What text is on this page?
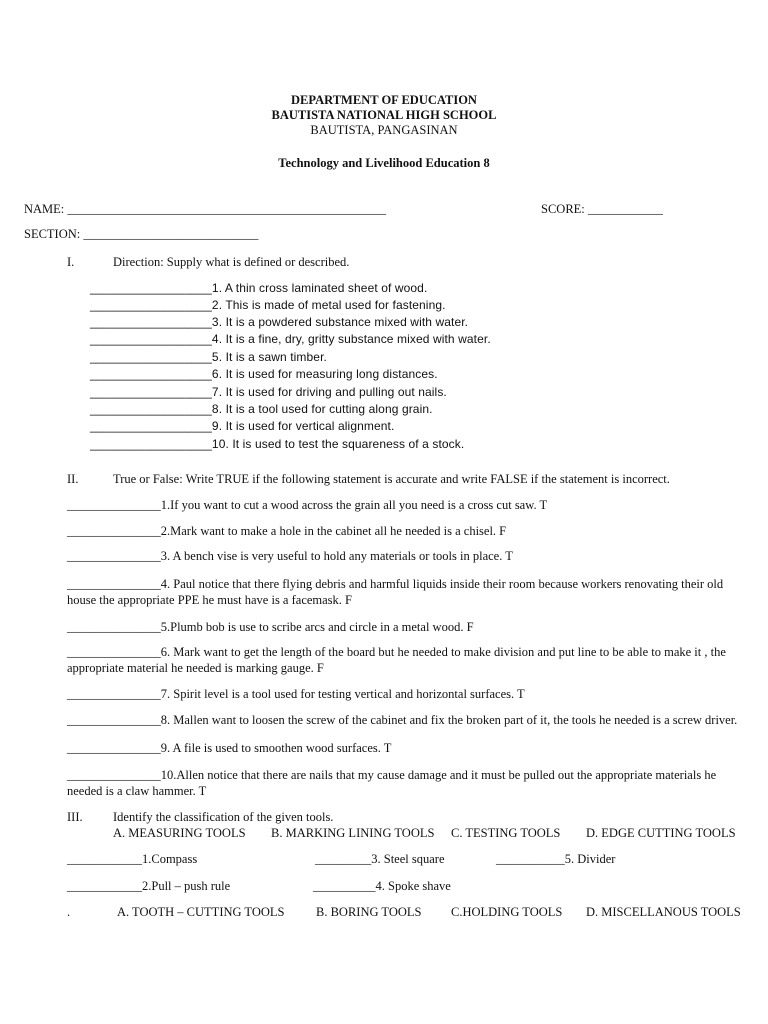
DEPARTMENT OF EDUCATION
BAUTISTA NATIONAL HIGH SCHOOL
BAUTISTA, PANGASINAN
Technology and Livelihood Education 8
NAME: ___________________________________________________	SCORE: ____________
SECTION: ____________________________
I.	Direction: Supply what is defined or described.
__________________1. A thin cross laminated sheet of wood.
__________________2. This is made of metal used for fastening.
__________________3. It is a powdered substance mixed with water.
__________________4. It is a fine, dry, gritty substance mixed with water.
__________________5. It is a sawn timber.
__________________6. It is used for measuring long distances.
__________________7. It is used for driving and pulling out nails.
__________________8. It is a tool used for cutting along grain.
__________________9. It is used for vertical alignment.
__________________10. It is used to test the squareness of a stock.
II.	True or False: Write TRUE if the following statement is accurate and write FALSE if the statement is incorrect.
_______________1.If you want to cut a wood across the grain all you need is a cross cut saw. T
_______________2.Mark want to make a hole in the cabinet all he needed is a chisel. F
_______________3. A bench vise is very useful to hold any materials or tools in place. T
_______________4. Paul notice that there flying debris and harmful liquids inside their room because workers renovating their old house the appropriate PPE he must have is a facemask. F
_______________5.Plumb bob is use to scribe arcs and circle in a metal wood. F
_______________6. Mark want to get the length of the board but he needed to make division and put line to be able to make it , the appropriate material he needed is marking gauge. F
_______________7. Spirit level is a tool used for testing vertical and horizontal surfaces. T
_______________8. Mallen want to loosen the screw of the cabinet and fix the broken part of it, the tools he needed is a screw driver.
_______________9. A file is used to smoothen wood surfaces. T
_______________10.Allen notice that there are nails that my cause damage and it must be pulled out the appropriate materials he needed is a claw hammer. T
III. Identify the classification of the given tools.
A. MEASURING TOOLS B. MARKING LINING TOOLS C. TESTING TOOLS D. EDGE CUTTING TOOLS
____________1.Compass	_________3. Steel square	___________5. Divider
____________2.Pull – push rule	__________4. Spoke shave
.	A. TOOTH – CUTTING TOOLS	B. BORING TOOLS C.HOLDING TOOLS D. MISCELLANOUS TOOLS
